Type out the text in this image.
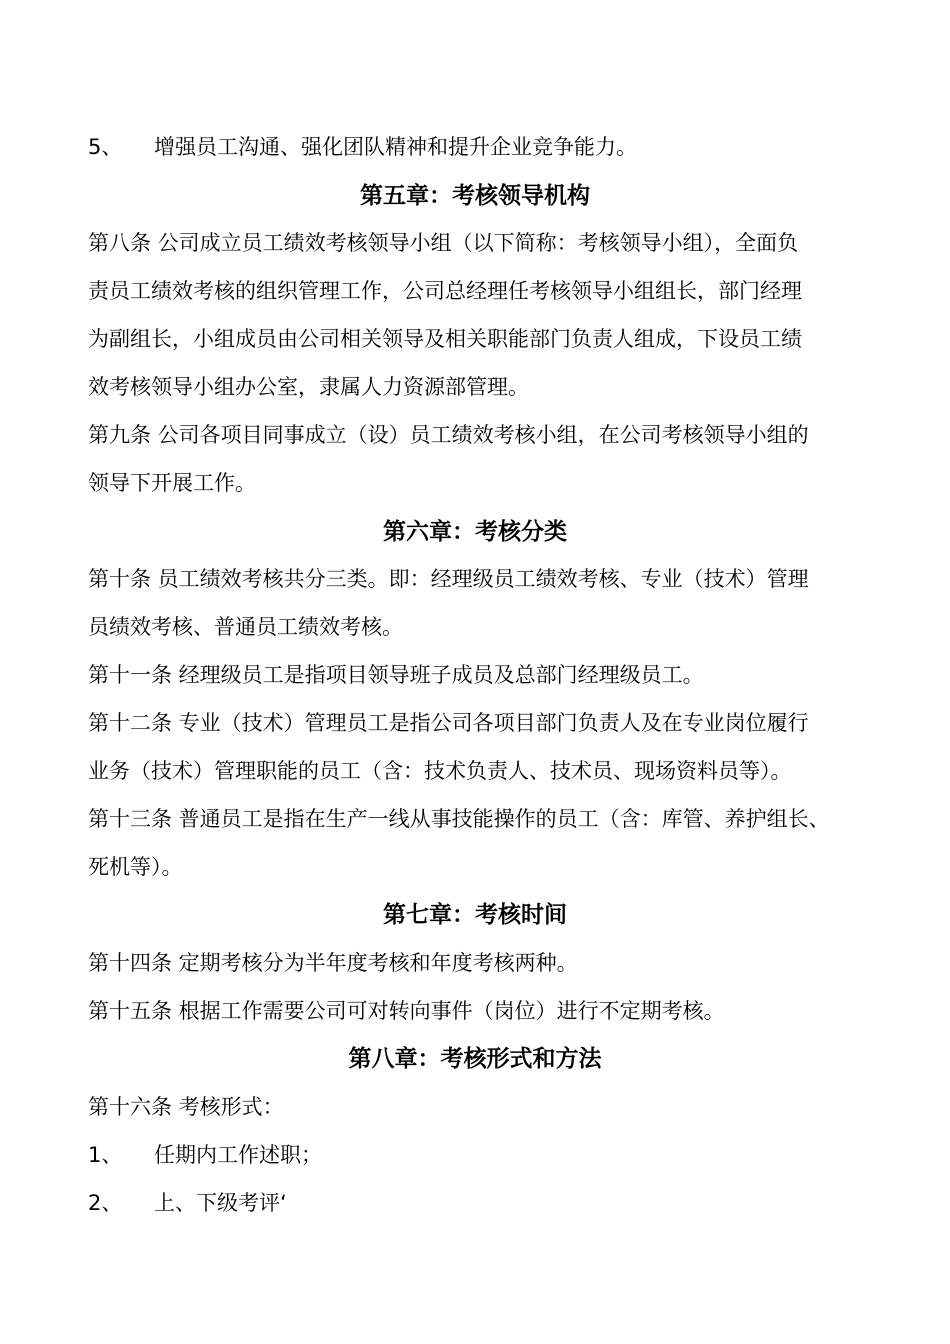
5、 增强员工沟通、强化团队精神和提升企业竞争能力。
第五章：考核领导机构
第八条 公司成立员工绩效考核领导小组（以下简称：考核领导小组），全面负
责员工绩效考核的组织管理工作，公司总经理任考核领导小组组长，部门经理
为副组长，小组成员由公司相关领导及相关职能部门负责人组成，下设员工绩
效考核领导小组办公室，隶属人力资源部管理。
第九条 公司各项目同事成立（设）员工绩效考核小组，在公司考核领导小组的
领导下开展工作。
第六章：考核分类
第十条 员工绩效考核共分三类。即：经理级员工绩效考核、专业（技术）管理
员绩效考核、普通员工绩效考核。
第十一条 经理级员工是指项目领导班子成员及总部门经理级员工。
第十二条 专业（技术）管理员工是指公司各项目部门负责人及在专业岗位履行
业务（技术）管理职能的员工（含：技术负责人、技术员、现场资料员等）。
第十三条 普通员工是指在生产一线从事技能操作的员工（含：库管、养护组长、
死机等）。
第七章：考核时间
第十四条 定期考核分为半年度考核和年度考核两种。
第十五条 根据工作需要公司可对转向事件（岗位）进行不定期考核。
第八章：考核形式和方法
第十六条 考核形式：
1、 任期内工作述职；
2、 上、下级考评‘
